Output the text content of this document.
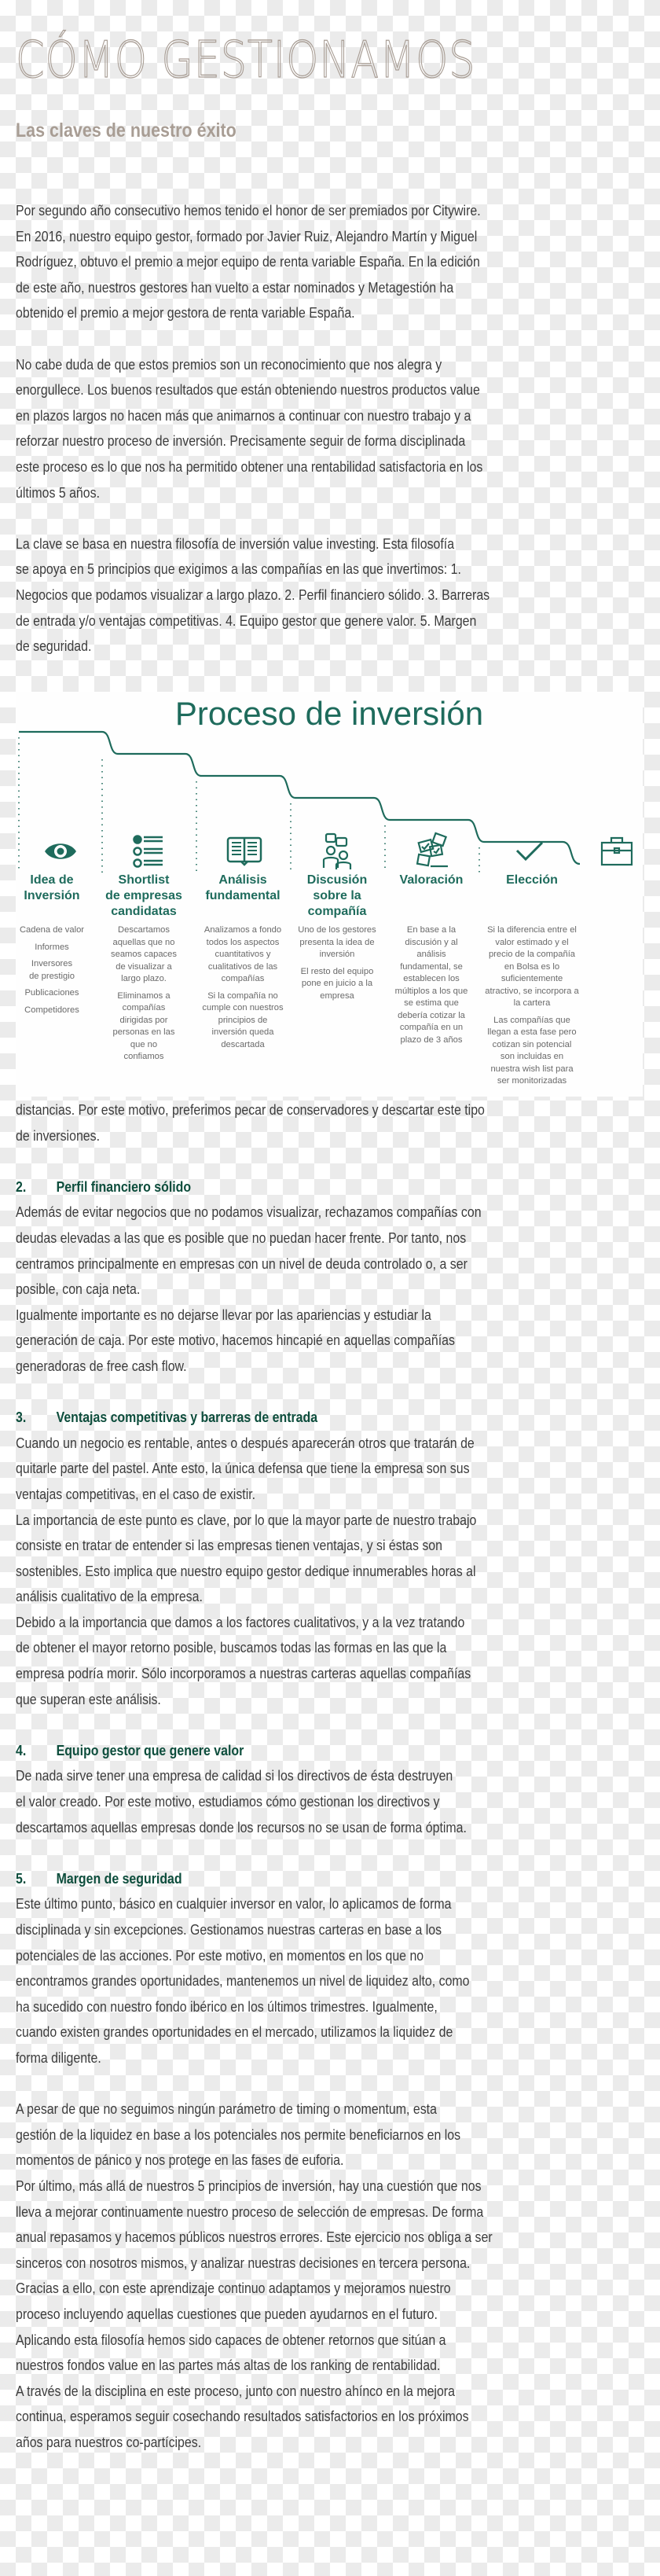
CÓMO GESTIONAMOS
Las claves de nuestro éxito

Por segundo año consecutivo hemos tenido el honor de ser premiados por Citywire.

En 2016, nuestro equipo gestor, formado por Javier Ruiz, Alejandro Martín y Miguel

Rodríguez, obtuvo el premio a mejor equipo de renta variable España. En la edición

de este año, nuestros gestores han vuelto a estar nominados y Metagestión ha

obtenido el premio a mejor gestora de renta variable España.

No cabe duda de que estos premios son un reconocimiento que nos alegra y

enorgullece. Los buenos resultados que están obteniendo nuestros productos value

en plazos largos no hacen más que animarnos a continuar con nuestro trabajo y a

reforzar nuestro proceso de inversión. Precisamente seguir de forma disciplinada

este proceso es lo que nos ha permitido obtener una rentabilidad satisfactoria en los

últimos 5 años.

La clave se basa en nuestra filosofía de inversión value investing. Esta filosofía

se apoya en 5 principios que exigimos a las compañías en las que invertimos: 1.

Negocios que podamos visualizar a largo plazo. 2. Perfil financiero sólido. 3. Barreras

de entrada y/o ventajas competitivas. 4. Equipo gestor que genere valor. 5. Margen

de seguridad.

Proceso de inversión
Idea de
Inversión
Cadena de valor
Informes
Inversores de prestigio
Publicaciones
Competidores
Shortlist
de empresas
candidatas
Descartamos aquellas que no seamos capaces de visualizar a largo plazo.
Eliminamos a compañías dirigidas por personas en las que no confiamos
Análisis
fundamental
Analizamos a fondo todos los aspectos cuantitativos y cualitativos de las compañías
Si la compañía no cumple con nuestros principios de inversión queda descartada
Discusión
sobre la
compañía
Uno de los gestores presenta la idea de inversión
El resto del equipo pone en juicio a la empresa
Valoración
En base a la discusión y al análisis fundamental, se establecen los múltiplos a los que se estima que debería cotizar la compañía en un plazo de 3 años
Elección
Si la diferencia entre el valor estimado y el precio de la compañía en Bolsa es lo suficientemente atractivo, se incorpora a la cartera
Las compañías que llegan a esta fase pero cotizan sin potencial son incluidas en nuestra wish list para ser monitorizadas

distancias. Por este motivo, preferimos pecar de conservadores y descartar este tipo

de inversiones.

2. Perfil financiero sólido

Además de evitar negocios que no podamos visualizar, rechazamos compañías con

deudas elevadas a las que es posible que no puedan hacer frente. Por tanto, nos

centramos principalmente en empresas con un nivel de deuda controlado o, a ser

posible, con caja neta.

Igualmente importante es no dejarse llevar por las apariencias y estudiar la

generación de caja. Por este motivo, hacemos hincapié en aquellas compañías

generadoras de free cash flow.

3. Ventajas competitivas y barreras de entrada

Cuando un negocio es rentable, antes o después aparecerán otros que tratarán de

quitarle parte del pastel. Ante esto, la única defensa que tiene la empresa son sus

ventajas competitivas, en el caso de existir.

La importancia de este punto es clave, por lo que la mayor parte de nuestro trabajo

consiste en tratar de entender si las empresas tienen ventajas, y si éstas son

sostenibles. Esto implica que nuestro equipo gestor dedique innumerables horas al

análisis cualitativo de la empresa.

Debido a la importancia que damos a los factores cualitativos, y a la vez tratando

de obtener el mayor retorno posible, buscamos todas las formas en las que la

empresa podría morir. Sólo incorporamos a nuestras carteras aquellas compañías

que superan este análisis.

4. Equipo gestor que genere valor

De nada sirve tener una empresa de calidad si los directivos de ésta destruyen

el valor creado. Por este motivo, estudiamos cómo gestionan los directivos y

descartamos aquellas empresas donde los recursos no se usan de forma óptima.

5. Margen de seguridad

Este último punto, básico en cualquier inversor en valor, lo aplicamos de forma

disciplinada y sin excepciones. Gestionamos nuestras carteras en base a los

potenciales de las acciones. Por este motivo, en momentos en los que no

encontramos grandes oportunidades, mantenemos un nivel de liquidez alto, como

ha sucedido con nuestro fondo ibérico en los últimos trimestres. Igualmente,

cuando existen grandes oportunidades en el mercado, utilizamos la liquidez de

forma diligente.

A pesar de que no seguimos ningún parámetro de timing o momentum, esta

gestión de la liquidez en base a los potenciales nos permite beneficiarnos en los

momentos de pánico y nos protege en las fases de euforia.

Por último, más allá de nuestros 5 principios de inversión, hay una cuestión que nos

lleva a mejorar continuamente nuestro proceso de selección de empresas. De forma

anual repasamos y hacemos públicos nuestros errores. Este ejercicio nos obliga a ser

sinceros con nosotros mismos, y analizar nuestras decisiones en tercera persona.

Gracias a ello, con este aprendizaje continuo adaptamos y mejoramos nuestro

proceso incluyendo aquellas cuestiones que pueden ayudarnos en el futuro.

Aplicando esta filosofía hemos sido capaces de obtener retornos que sitúan a

nuestros fondos value en las partes más altas de los ranking de rentabilidad.

A través de la disciplina en este proceso, junto con nuestro ahínco en la mejora

continua, esperamos seguir cosechando resultados satisfactorios en los próximos

años para nuestros co-partícipes.
